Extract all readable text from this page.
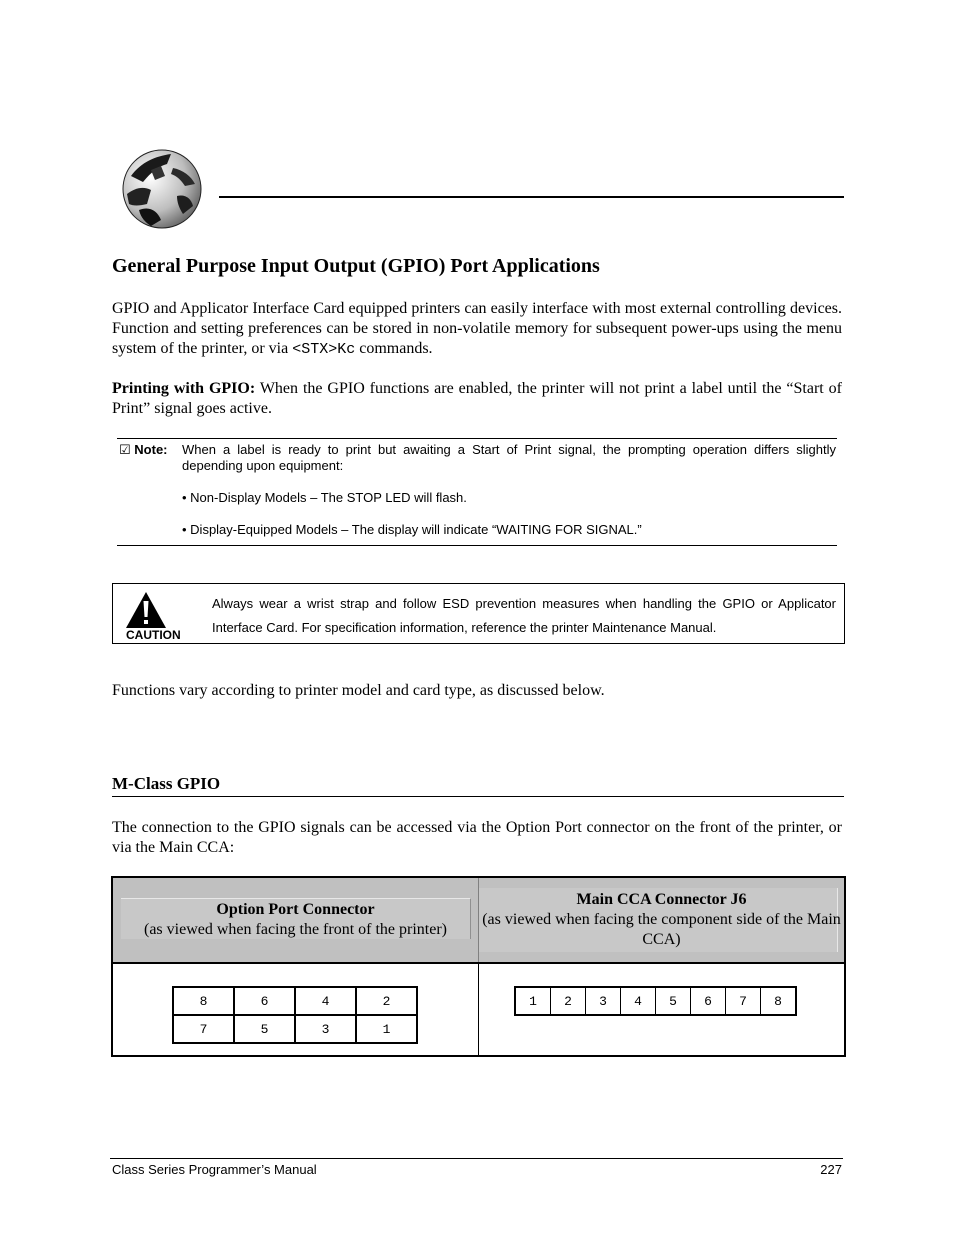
General Purpose Input Output (GPIO) Port Applications
GPIO and Applicator Interface Card equipped printers can easily interface with most external controlling devices. Function and setting preferences can be stored in non-volatile memory for subsequent power-ups using the menu system of the printer, or via <STX>Kc commands.
Printing with GPIO: When the GPIO functions are enabled, the printer will not print a label until the “Start of Print” signal goes active.
☑ Note: When a label is ready to print but awaiting a Start of Print signal, the prompting operation differs slightly depending upon equipment:
• Non-Display Models – The STOP LED will flash.
• Display-Equipped Models – The display will indicate “WAITING FOR SIGNAL.”
CAUTION
Always wear a wrist strap and follow ESD prevention measures when handling the GPIO or Applicator Interface Card. For specification information, reference the printer Maintenance Manual.
Functions vary according to printer model and card type, as discussed below.
M-Class GPIO
The connection to the GPIO signals can be accessed via the Option Port connector on the front of the printer, or via the Main CCA:
Option Port Connector
(as viewed when facing the front of the printer)
Main CCA Connector J6
(as viewed when facing the component side of the Main CCA)
8	6	4	2
7	5	3	1
1	2	3	4	5	6	7	8
Class Series Programmer’s Manual	227
